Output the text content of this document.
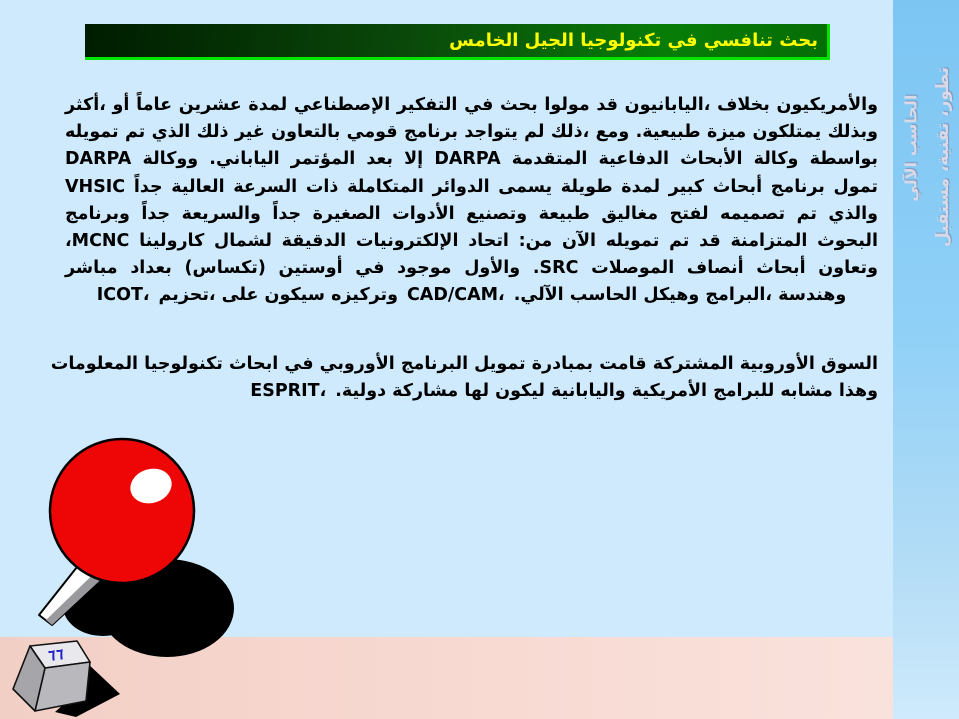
تطور، تقنية، مستقبل
الحاسب الآلي
بحث تنافسي في تكنولوجيا الجيل الخامس
والأمريكيون بخلاف ،اليابانيون قد مولوا بحث في التفكير الإصطناعي لمدة عشرين عاماً أو ،أكثر
وبذلك يمتلكون ميزة طبيعية. ومع ،ذلك لم يتواجد برنامج قومي بالتعاون غير ذلك الذي تم تمويله
بواسطة وكالة الأبحاث الدفاعية المتقدمة DARPA إلا بعد المؤتمر الياباني. ووكالة DARPA
تمول برنامج أبحاث كبير لمدة طويلة يسمى الدوائر المتكاملة ذات السرعة العالية جداً VHSIC
والذي تم تصميمه لفتح مغاليق طبيعة وتصنيع الأدوات الصغيرة جداً والسريعة جداً وبرنامج
البحوث المتزامنة قد تم تمويله الآن من: اتحاد الإلكترونيات الدقيقة لشمال كارولينا MCNC،
وتعاون أبحاث أنصاف الموصلات SRC. والأول موجود في أوستين (تكساس) بعداد مباشر
ICOT، وتركيزه سيكون على ،تحزيم CAD/CAM، وهندسة ،البرامج وهيكل الحاسب الآلي.
السوق الأوروبية المشتركة قامت بمبادرة تمويل البرنامج الأوروبي في ابحاث تكنولوجيا المعلومات
ESPRIT، وهذا مشابه للبرامج الأمريكية واليابانية ليكون لها مشاركة دولية.
٦٦
